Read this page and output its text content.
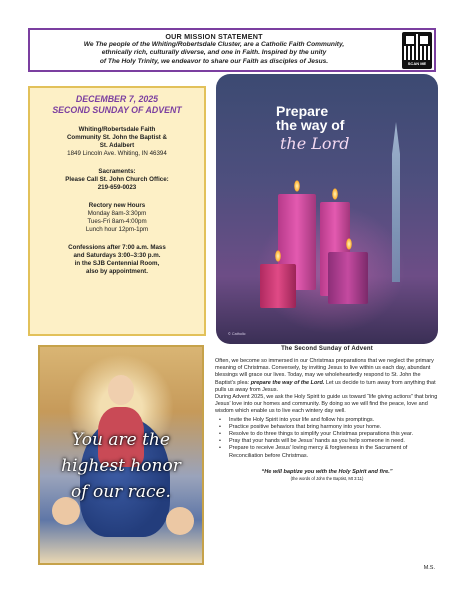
OUR MISSION STATEMENT
We The people of the Whiting/Robertsdale Cluster, are a Catholic Faith Community,
ethnically rich, culturally diverse, and one in Faith. Inspired by the unity
of The Holy Trinity, we endeavor to share our Faith as disciples of Jesus.	SCAN ME
DECEMBER 7, 2025
SECOND SUNDAY OF ADVENT
Whiting/Robertsdale Faith
Community St. John the Baptist &
St. Adalbert
1849 Lincoln Ave. Whiting, IN 46394
Sacraments:
Please Call St. John Church Office:
219-659-0023
Rectory new Hours
Monday 8am-3:30pm
Tues-Fri 8am-4:00pm
Lunch hour 12pm-1pm
Confessions after 7:00 a.m. Mass
and Saturdays 3:00–3:30 p.m.
in the SJB Centennial Room,
also by appointment.
Prepare
the way of
the Lord
© Catholic
You are the
highest honor
of our race.
The Second Sunday of Advent

Often, we become so immersed in our Christmas preparations that we neglect the primary meaning of Christmas. Conversely, by inviting Jesus to live within us each day, abundant blessings will grace our lives. Today, may we wholeheartedly respond to St. John the Baptist’s plea: prepare the way of the Lord. Let us decide to turn away from anything that pulls us away from Jesus.

During Advent 2025, we ask the Holy Spirit to guide us toward “life giving actions” that bring Jesus’ love into our homes and community. By doing so we will find the peace, love and wisdom which enable us to live each wintery day well.

• Invite the Holy Spirit into your life and follow his promptings.
• Practice positive behaviors that bring harmony into your home.
• Resolve to do three things to simplify your Christmas preparations this year.
• Pray that your hands will be Jesus’ hands as you help someone in need.
• Prepare to receive Jesus’ loving mercy & forgiveness in the Sacrament of Reconciliation before Christmas.
“He will baptize you with the Holy Spirit and fire.”
(the words of John the Baptist, Mt 3:11)
M.S.
